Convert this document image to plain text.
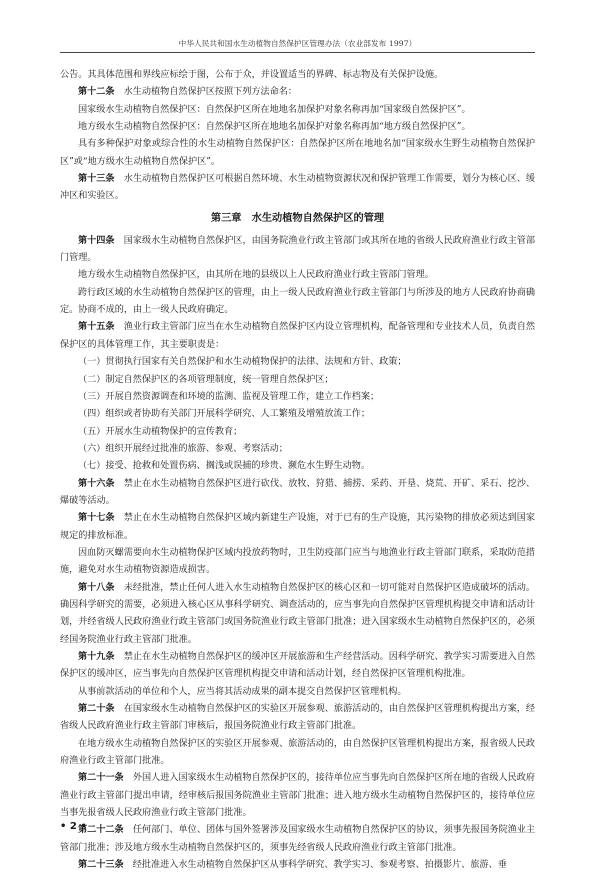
中华人民共和国水生动植物自然保护区管理办法（农业部发布 1997）

公告。其具体范围和界线应标绘于图，公布于众，并设置适当的界碑、标志物及有关保护设施。

第十二条　 水生动植物自然保护区按照下列方法命名：

国家级水生动植物自然保护区：自然保护区所在地地名加保护对象名称再加“国家级自然保护区”。

地方级水生动植物自然保护区：自然保护区所在地地名加保护对象名称再加“地方级自然保护区”。

具有多种保护对象或综合性的水生动植物自然保护区：自然保护区所在地地名加“国家级水生野生动植物自然保护区”或“地方级水生动植物自然保护区”。

第十三条　 水生动植物自然保护区可根据自然环境、水生动植物资源状况和保护管理工作需要，划分为核心区、缓冲区和实验区。

第三章　水生动植物自然保护区的管理

第十四条　 国家级水生动植物自然保护区，由国务院渔业行政主管部门或其所在地的省级人民政府渔业行政主管部门管理。

地方级水生动植物自然保护区，由其所在地的县级以上人民政府渔业行政主管部门管理。

跨行政区域的水生动植物自然保护区的管理，由上一级人民政府渔业行政主管部门与所涉及的地方人民政府协商确定。协商不成的，由上一级人民政府确定。

第十五条　 渔业行政主管部门应当在水生动植物自然保护区内设立管理机构，配备管理和专业技术人员，负责自然保护区的具体管理工作，其主要职责是：

（一）贯彻执行国家有关自然保护和水生动植物保护的法律、法规和方针、政策；

（二）制定自然保护区的各项管理制度，统一管理自然保护区；

（三）开展自然资源调查和环境的监测、监视及管理工作，建立工作档案；

（四）组织或者协助有关部门开展科学研究、人工繁殖及增殖放流工作；

（五）开展水生动植物保护的宣传教育；

（六）组织开展经过批准的旅游、参观、考察活动；

（七）接受、抢救和处置伤病、搁浅或误捕的珍贵、濒危水生野生动物。

第十六条　 禁止在水生动植物自然保护区进行砍伐、放牧、狩猎、捕捞、采药、开垦、烧荒、开矿、采石、挖沙、爆破等活动。

第十七条　 禁止在水生动植物自然保护区域内新建生产设施，对于已有的生产设施，其污染物的排放必须达到国家规定的排放标准。

因血防灭螺需要向水生动植物保护区域内投放药物时，卫生防疫部门应当与地渔业行政主管部门联系，采取防范措施，避免对水生动植物资源造成损害。

第十八条　 未经批准，禁止任何人进入水生动植物自然保护区的核心区和一切可能对自然保护区造成破坏的活动。确因科学研究的需要，必须进入核心区从事科学研究、调查活动的，应当事先向自然保护区管理机构提交申请和活动计划，并经省级人民政府渔业行政主管部门或国务院渔业行政主管部门批准；进入国家级水生动植物自然保护区的，必须经国务院渔业行政主管部门批准。

第十九条　 禁止在水生动植物自然保护区的缓冲区开展旅游和生产经营活动。因科学研究、教学实习需要进入自然保护区的缓冲区，应当事先向自然保护区管理机构提交申请和活动计划，经自然保护区管理机构批准。

从事前款活动的单位和个人，应当将其活动成果的副本提交自然保护区管理机构。

第二十条　 在国家级水生动植物自然保护区的实验区开展参观、旅游活动的，由自然保护区管理机构提出方案，经省级人民政府渔业行政主管部门审核后，报国务院渔业行政主管部门批准。

在地方级水生动植物自然保护区的实验区开展参观、旅游活动的，由自然保护区管理机构提出方案，报省级人民政府渔业行政主管部门批准。

第二十一条　 外国人进入国家级水生动植物自然保护区的，接待单位应当事先向自然保护区所在地的省级人民政府渔业行政主管部门提出申请，经审核后报国务院渔业主管部门批准；进入地方级水生动植物自然保护区的，接待单位应当事先报省级人民政府渔业行政主管部门批准。

第二十二条　 任何部门、单位、团体与国外签署涉及国家级水生动植物自然保护区的协议，须事先报国务院渔业主管部门批准；涉及地方级水生动植物自然保护区的，须事先经省级人民政府渔业行政主管部门批准。

第二十三条　 经批准进入水生动植物自然保护区从事科学研究、教学实习、参观考察、拍摄影片、旅游、垂

• 2 •
